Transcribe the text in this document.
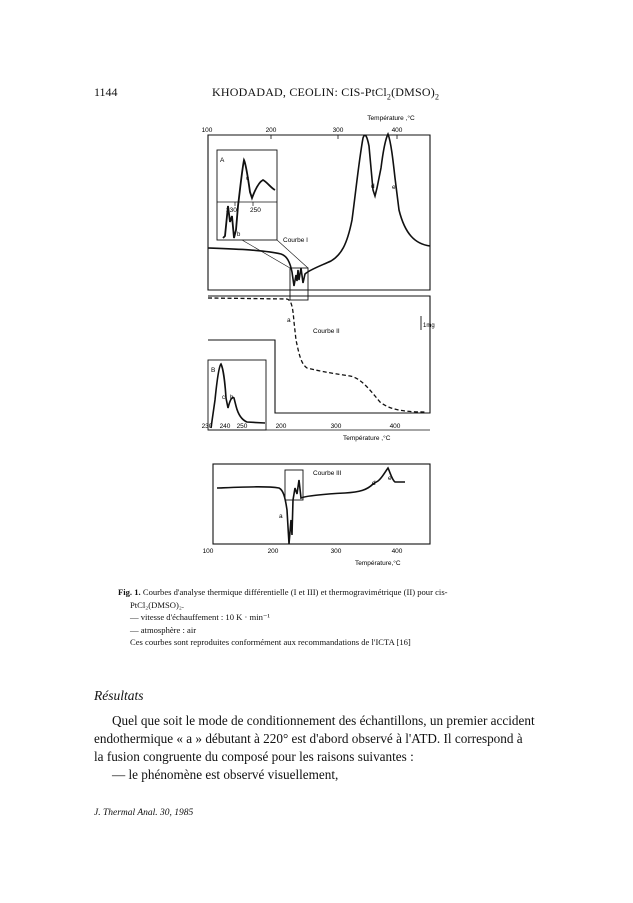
1144	KHODADAD, CEOLIN: CIS-$PtCl_2(DMSO)_2$
Température ,°C
100	200	300	400
d	e
Courbe I
A
230 250
c
b
a
Courbe II
1mg
B
c b
230 240 250	200	300	400
Température ,°C
Courbe III
a
d
e
100	200	300	400
Température,°C

Fig. 1. Courbes d'analyse thermique différentielle (I et III) et thermogravimétrique (II) pour cis-

PtCl₂(DMSO)₂.

— vitesse d'échauffement : 10 K · min⁻¹

— atmosphère : air

Ces courbes sont reproduites conformément aux recommandations de l'ICTA [16]

Résultats

Quel que soit le mode de conditionnement des échantillons, un premier accident

endothermique « a » débutant à 220° est d'abord observé à l'ATD. Il correspond à

la fusion congruente du composé pour les raisons suivantes :

— le phénomène est observé visuellement,

J. Thermal Anal. 30, 1985
